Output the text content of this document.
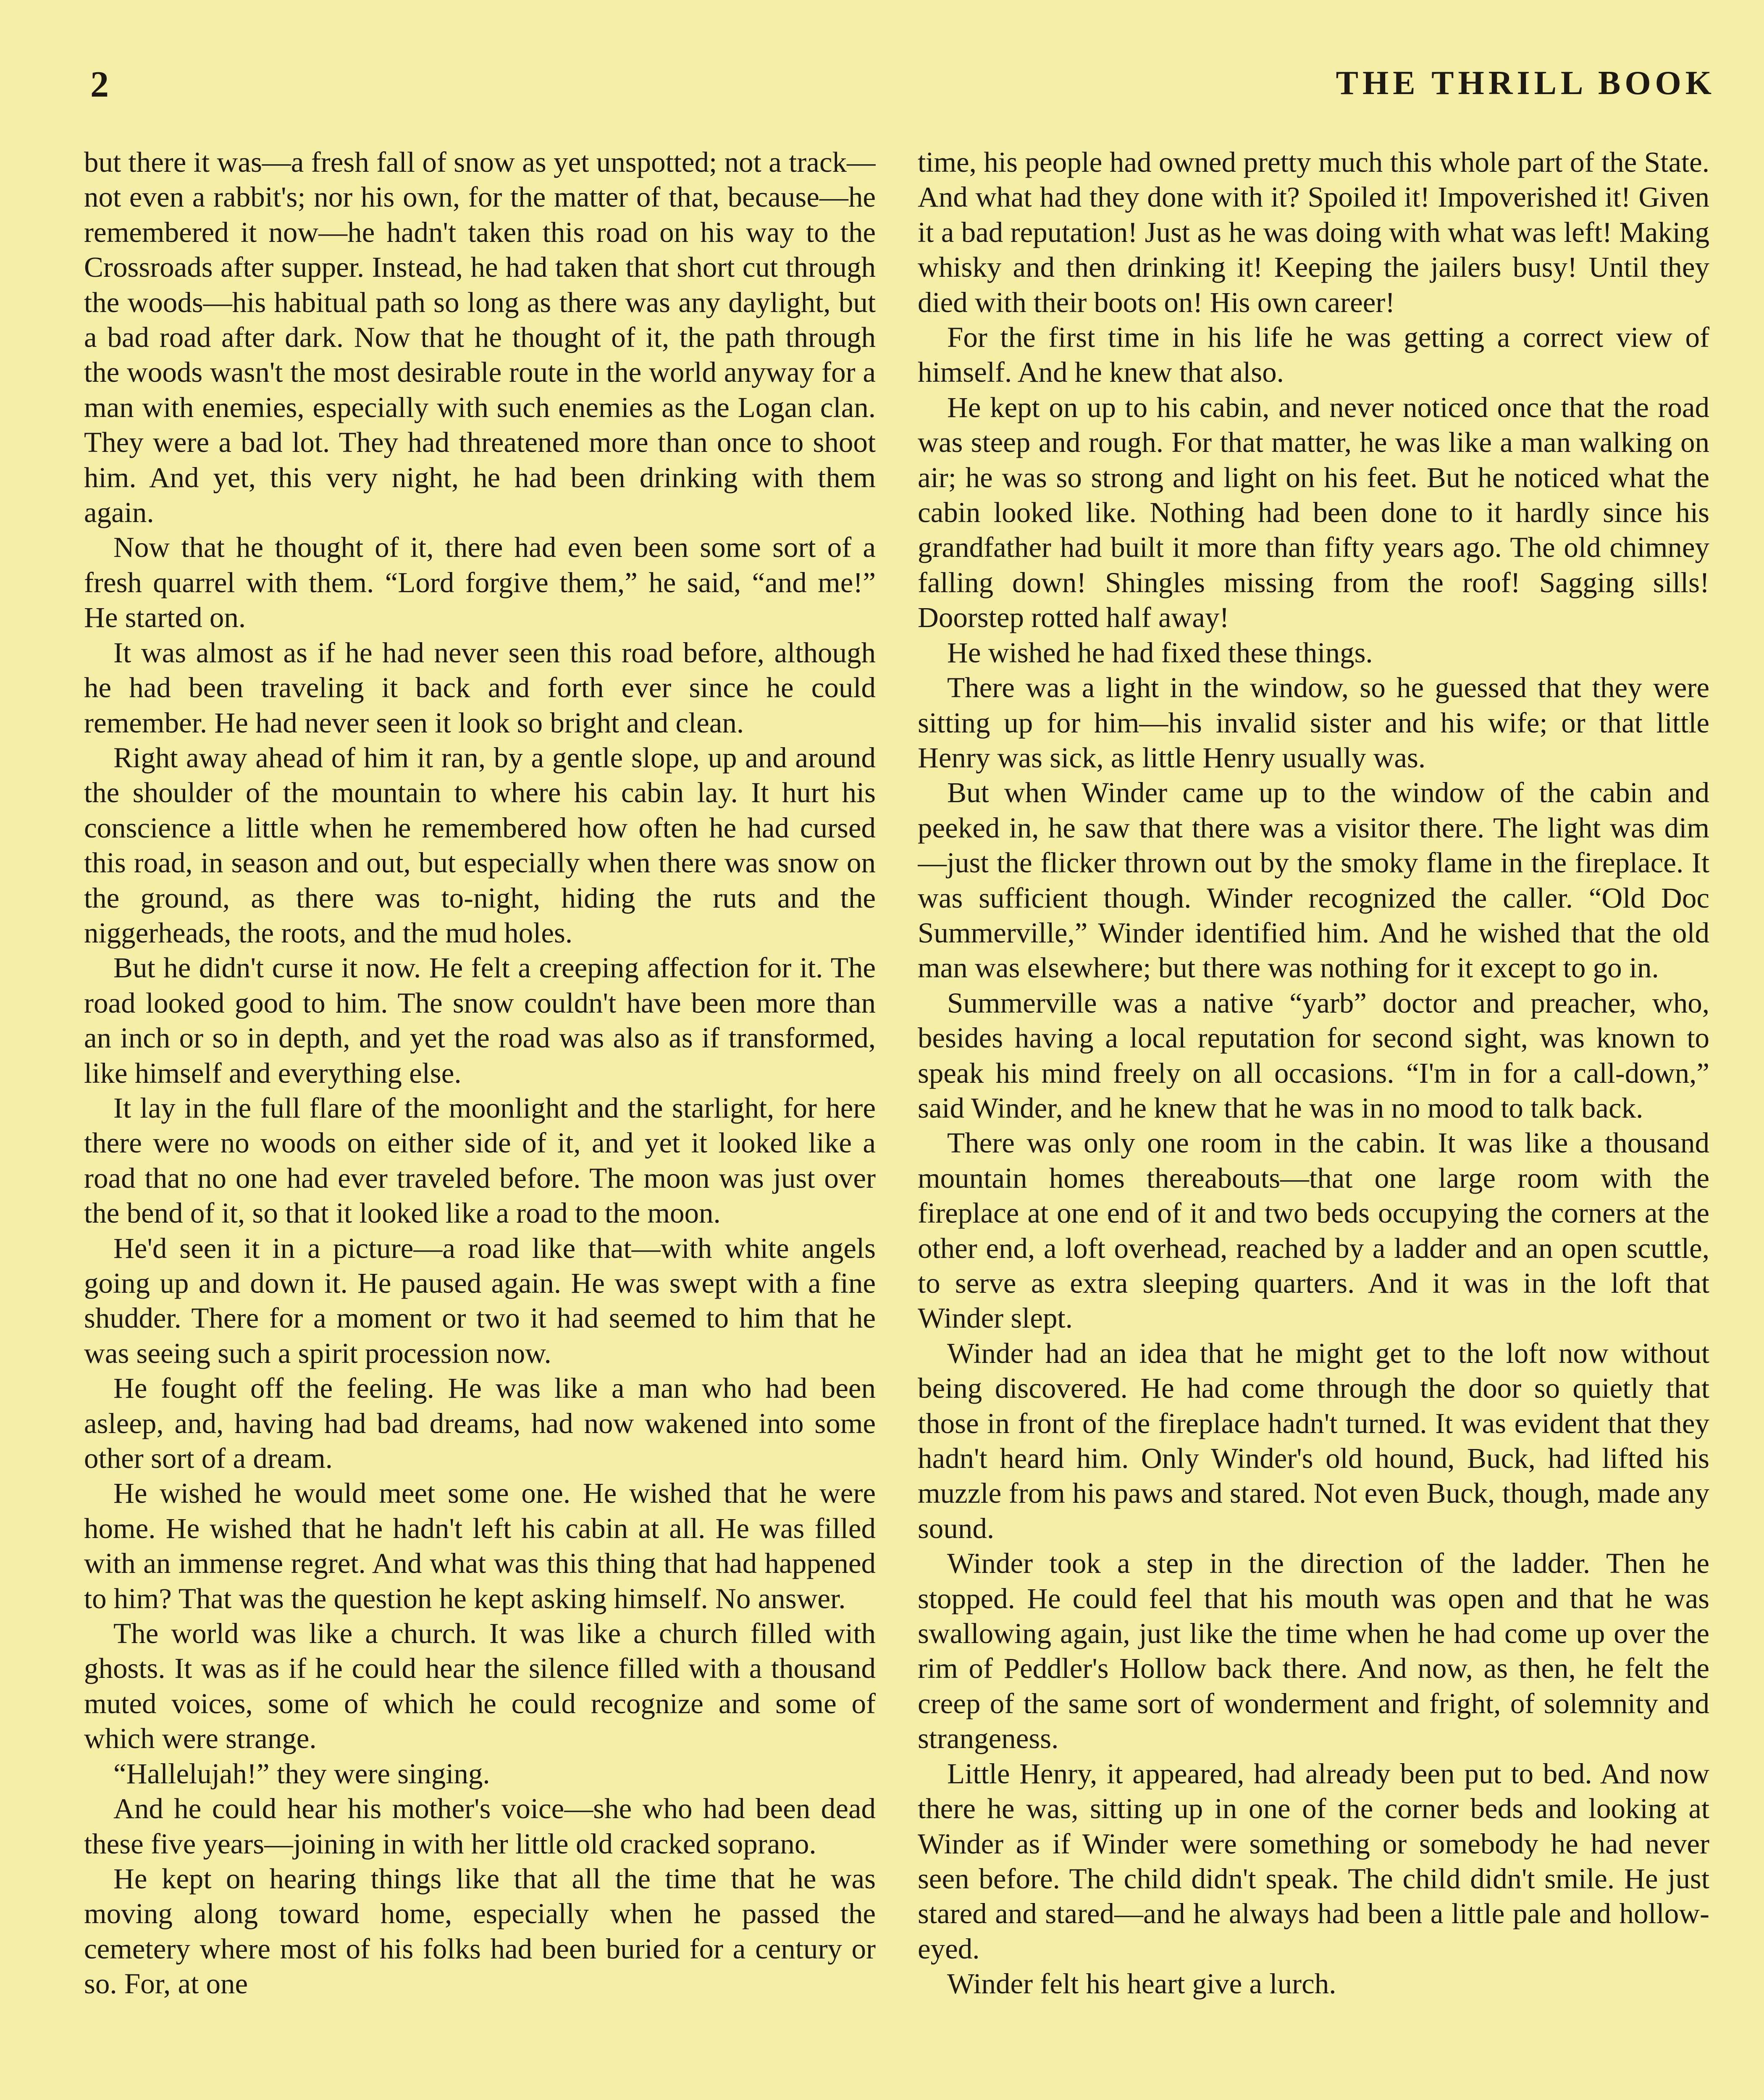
2	THE THRILL BOOK

but there it was—a fresh fall of snow as yet unspotted; not a track—not even a rabbit's; nor his own, for the matter of that, because—he remembered it now—he hadn't taken this road on his way to the Crossroads after supper. Instead, he had taken that short cut through the woods—his habitual path so long as there was any daylight, but a bad road after dark. Now that he thought of it, the path through the woods wasn't the most desirable route in the world anyway for a man with enemies, especially with such enemies as the Logan clan. They were a bad lot. They had threatened more than once to shoot him. And yet, this very night, he had been drinking with them again.

Now that he thought of it, there had even been some sort of a fresh quarrel with them. “Lord forgive them,” he said, “and me!” He started on.

It was almost as if he had never seen this road before, although he had been traveling it back and forth ever since he could remember. He had never seen it look so bright and clean.

Right away ahead of him it ran, by a gentle slope, up and around the shoulder of the mountain to where his cabin lay. It hurt his conscience a little when he remembered how often he had cursed this road, in season and out, but especially when there was snow on the ground, as there was to-night, hiding the ruts and the niggerheads, the roots, and the mud holes.

But he didn't curse it now. He felt a creeping affection for it. The road looked good to him. The snow couldn't have been more than an inch or so in depth, and yet the road was also as if transformed, like himself and everything else.

It lay in the full flare of the moonlight and the starlight, for here there were no woods on either side of it, and yet it looked like a road that no one had ever traveled before. The moon was just over the bend of it, so that it looked like a road to the moon.

He'd seen it in a picture—a road like that—with white angels going up and down it. He paused again. He was swept with a fine shudder. There for a moment or two it had seemed to him that he was seeing such a spirit procession now.

He fought off the feeling. He was like a man who had been asleep, and, having had bad dreams, had now wakened into some other sort of a dream.

He wished he would meet some one. He wished that he were home. He wished that he hadn't left his cabin at all. He was filled with an immense regret. And what was this thing that had happened to him? That was the question he kept asking himself. No answer.

The world was like a church. It was like a church filled with ghosts. It was as if he could hear the silence filled with a thousand muted voices, some of which he could recognize and some of which were strange.

“Hallelujah!” they were singing.

And he could hear his mother's voice—she who had been dead these five years—joining in with her little old cracked soprano.

He kept on hearing things like that all the time that he was moving along toward home, especially when he passed the cemetery where most of his folks had been buried for a century or so. For, at one

time, his people had owned pretty much this whole part of the State. And what had they done with it? Spoiled it! Impoverished it! Given it a bad reputation! Just as he was doing with what was left! Making whisky and then drinking it! Keeping the jailers busy! Until they died with their boots on! His own career!

For the first time in his life he was getting a correct view of himself. And he knew that also.

He kept on up to his cabin, and never noticed once that the road was steep and rough. For that matter, he was like a man walking on air; he was so strong and light on his feet. But he noticed what the cabin looked like. Nothing had been done to it hardly since his grandfather had built it more than fifty years ago. The old chimney falling down! Shingles missing from the roof! Sagging sills! Doorstep rotted half away!

He wished he had fixed these things.

There was a light in the window, so he guessed that they were sitting up for him—his invalid sister and his wife; or that little Henry was sick, as little Henry usually was.

But when Winder came up to the window of the cabin and peeked in, he saw that there was a visitor there. The light was dim—just the flicker thrown out by the smoky flame in the fireplace. It was sufficient though. Winder recognized the caller. “Old Doc Summerville,” Winder identified him. And he wished that the old man was elsewhere; but there was nothing for it except to go in.

Summerville was a native “yarb” doctor and preacher, who, besides having a local reputation for second sight, was known to speak his mind freely on all occasions. “I'm in for a call-down,” said Winder, and he knew that he was in no mood to talk back.

There was only one room in the cabin. It was like a thousand mountain homes thereabouts—that one large room with the fireplace at one end of it and two beds occupying the corners at the other end, a loft overhead, reached by a ladder and an open scuttle, to serve as extra sleeping quarters. And it was in the loft that Winder slept.

Winder had an idea that he might get to the loft now without being discovered. He had come through the door so quietly that those in front of the fireplace hadn't turned. It was evident that they hadn't heard him. Only Winder's old hound, Buck, had lifted his muzzle from his paws and stared. Not even Buck, though, made any sound.

Winder took a step in the direction of the ladder. Then he stopped. He could feel that his mouth was open and that he was swallowing again, just like the time when he had come up over the rim of Peddler's Hollow back there. And now, as then, he felt the creep of the same sort of wonderment and fright, of solemnity and strangeness.

Little Henry, it appeared, had already been put to bed. And now there he was, sitting up in one of the corner beds and looking at Winder as if Winder were something or somebody he had never seen before. The child didn't speak. The child didn't smile. He just stared and stared—and he always had been a little pale and hollow-eyed.

Winder felt his heart give a lurch.
